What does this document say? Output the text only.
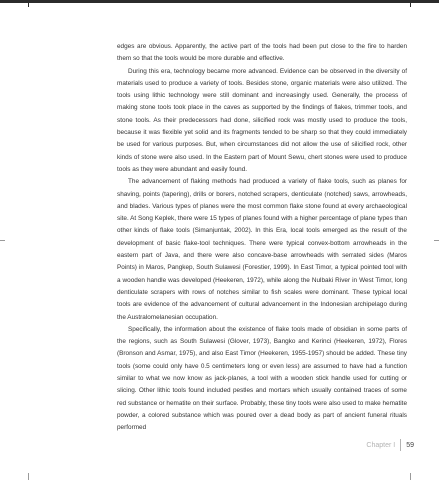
edges are obvious. Apparently, the active part of the tools had been put close to the fire to harden them so that the tools would be more durable and effective.

During this era, technology became more advanced. Evidence can be observed in the diversity of materials used to produce a variety of tools. Besides stone, organic materials were also utilized. The tools using lithic technology were still dominant and increasingly used. Generally, the process of making stone tools took place in the caves as supported by the findings of flakes, trimmer tools, and stone tools. As their predecessors had done, silicified rock was mostly used to produce the tools, because it was flexible yet solid and its fragments tended to be sharp so that they could immediately be used for various purposes. But, when circumstances did not allow the use of silicified rock, other kinds of stone were also used. In the Eastern part of Mount Sewu, chert stones were used to produce tools as they were abundant and easily found.

The advancement of flaking methods had produced a variety of flake tools, such as planes for shaving, points (tapering), drills or borers, notched scrapers, denticulate (notched) saws, arrowheads, and blades. Various types of planes were the most common flake stone found at every archaeological site. At Song Keplek, there were 15 types of planes found with a higher percentage of plane types than other kinds of flake tools (Simanjuntak, 2002). In this Era, local tools emerged as the result of the development of basic flake-tool techniques. There were typical convex-bottom arrowheads in the eastern part of Java, and there were also concave-base arrowheads with serrated sides (Maros Points) in Maros, Pangkep, South Sulawesi (Forestier, 1999). In East Timor, a typical pointed tool with a wooden handle was developed (Heekeren, 1972), while along the Nulbaki River in West Timor, long denticulate scrapers with rows of notches similar to fish scales were dominant. These typical local tools are evidence of the advancement of cultural advancement in the Indonesian archipelago during the Australomelanesian occupation.

Specifically, the information about the existence of flake tools made of obsidian in some parts of the regions, such as South Sulawesi (Glover, 1973), Bangko and Kerinci (Heekeren, 1972), Flores (Bronson and Asmar, 1975), and also East Timor (Heekeren, 1955-1957) should be added. These tiny tools (some could only have 0.5 centimeters long or even less) are assumed to have had a function similar to what we now know as jack-planes, a tool with a wooden stick handle used for cutting or slicing. Other lithic tools found included pestles and mortars which usually contained traces of some red substance or hematite on their surface. Probably, these tiny tools were also used to make hematite powder, a colored substance which was poured over a dead body as part of ancient funeral rituals performed

Chapter I 59
